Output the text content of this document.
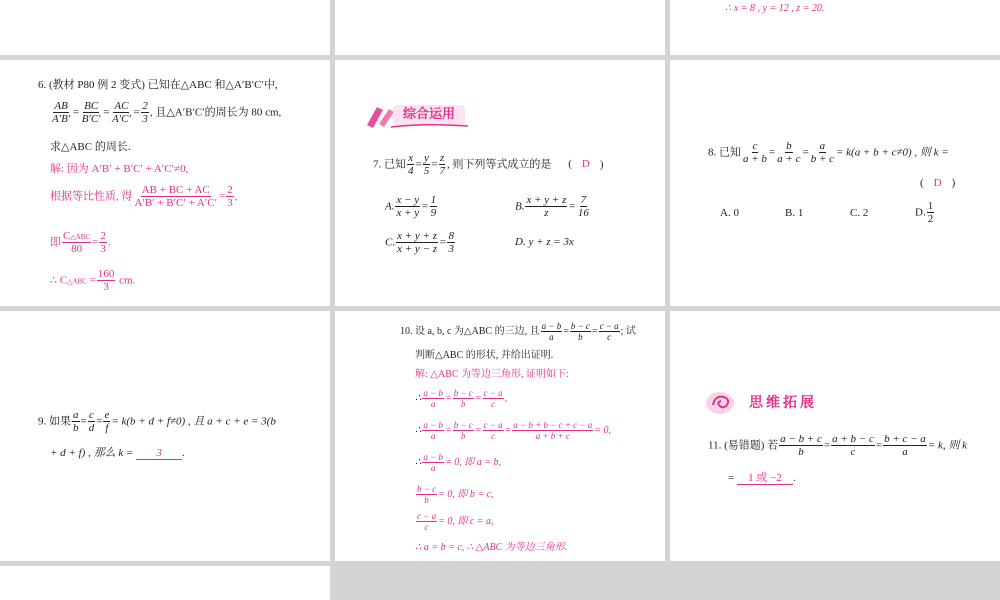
∴ x = 8 , y = 12 , z = 20.
6. (教材 P80 例 2 变式) 已知在△ABC 和△A′B′C′中,
$\frac{AB}{A'B'} = \frac{BC}{B'C'} = \frac{AC}{A'C'} = \frac{2}{3}$ , 且△A′B′C′的周长为 80 cm,
求△ABC 的周长.
解: 因为 A′B′ + B′C′ + A′C′≠0,
根据等比性质, 得 $\frac{AB + BC + AC}{A'B' + B'C' + A'C'} = \frac{2}{3}$ ,
即
C△ABC
80
= $\frac{2}{3}$ .
∴ C△ABC = $\frac{160}{3}$ cm.
综合运用
7. 已知 $\frac{x}{4} = \frac{y}{5} = \frac{z}{7}$ , 则下列等式成立的是 ( D )
A. $\frac{x - y}{x + y} = \frac{1}{9}$	B. $\frac{x + y + z}{z} = \frac{7}{16}$
C. $\frac{x + y + z}{x + y - z} = \frac{8}{3}$	D. y + z = 3x
8. 已知 $\frac{c}{a + b} = \frac{b}{a + c} = \frac{a}{b + c} = k(a + b + c\ne 0)$ , 则 k =
( D )
A. 0	B. 1	C. 2	D. $\frac{1}{2}$
9. 如果 $\frac{a}{b} = \frac{c}{d} = \frac{e}{f} = k(b + d + f\ne 0)$ , 且 a + c + e = 3(b
+ d + f) , 那么 k = 3 .
10. 设 a, b, c 为△ABC 的三边, 且 $\frac{a - b}{a} = \frac{b - c}{b} = \frac{c - a}{c}$ ; 试
判断△ABC 的形状, 并给出证明.
解: △ABC 为等边三角形, 证明如下:
∴ $\frac{a - b}{a} = \frac{b - c}{b} = \frac{c - a}{c}$ ,
∴ $\frac{a - b}{a} = \frac{b - c}{b} = \frac{c - a}{c} = \frac{a - b + b - c + c - a}{a + b + c} = 0$,
∴ $\frac{a - b}{a} = 0$, 即 a = b,
$\frac{b - c}{b} = 0$, 即 b = c,
$\frac{c - a}{c} = 0$, 即 c = a,
∴ a = b = c, ∴ △ABC 为等边三角形.
思维拓展
11. (易错题) 若 $\frac{a - b + c}{b} = \frac{a + b - c}{c} = \frac{b + c - a}{a} = k$, 则 k
= 1 或 −2 .
